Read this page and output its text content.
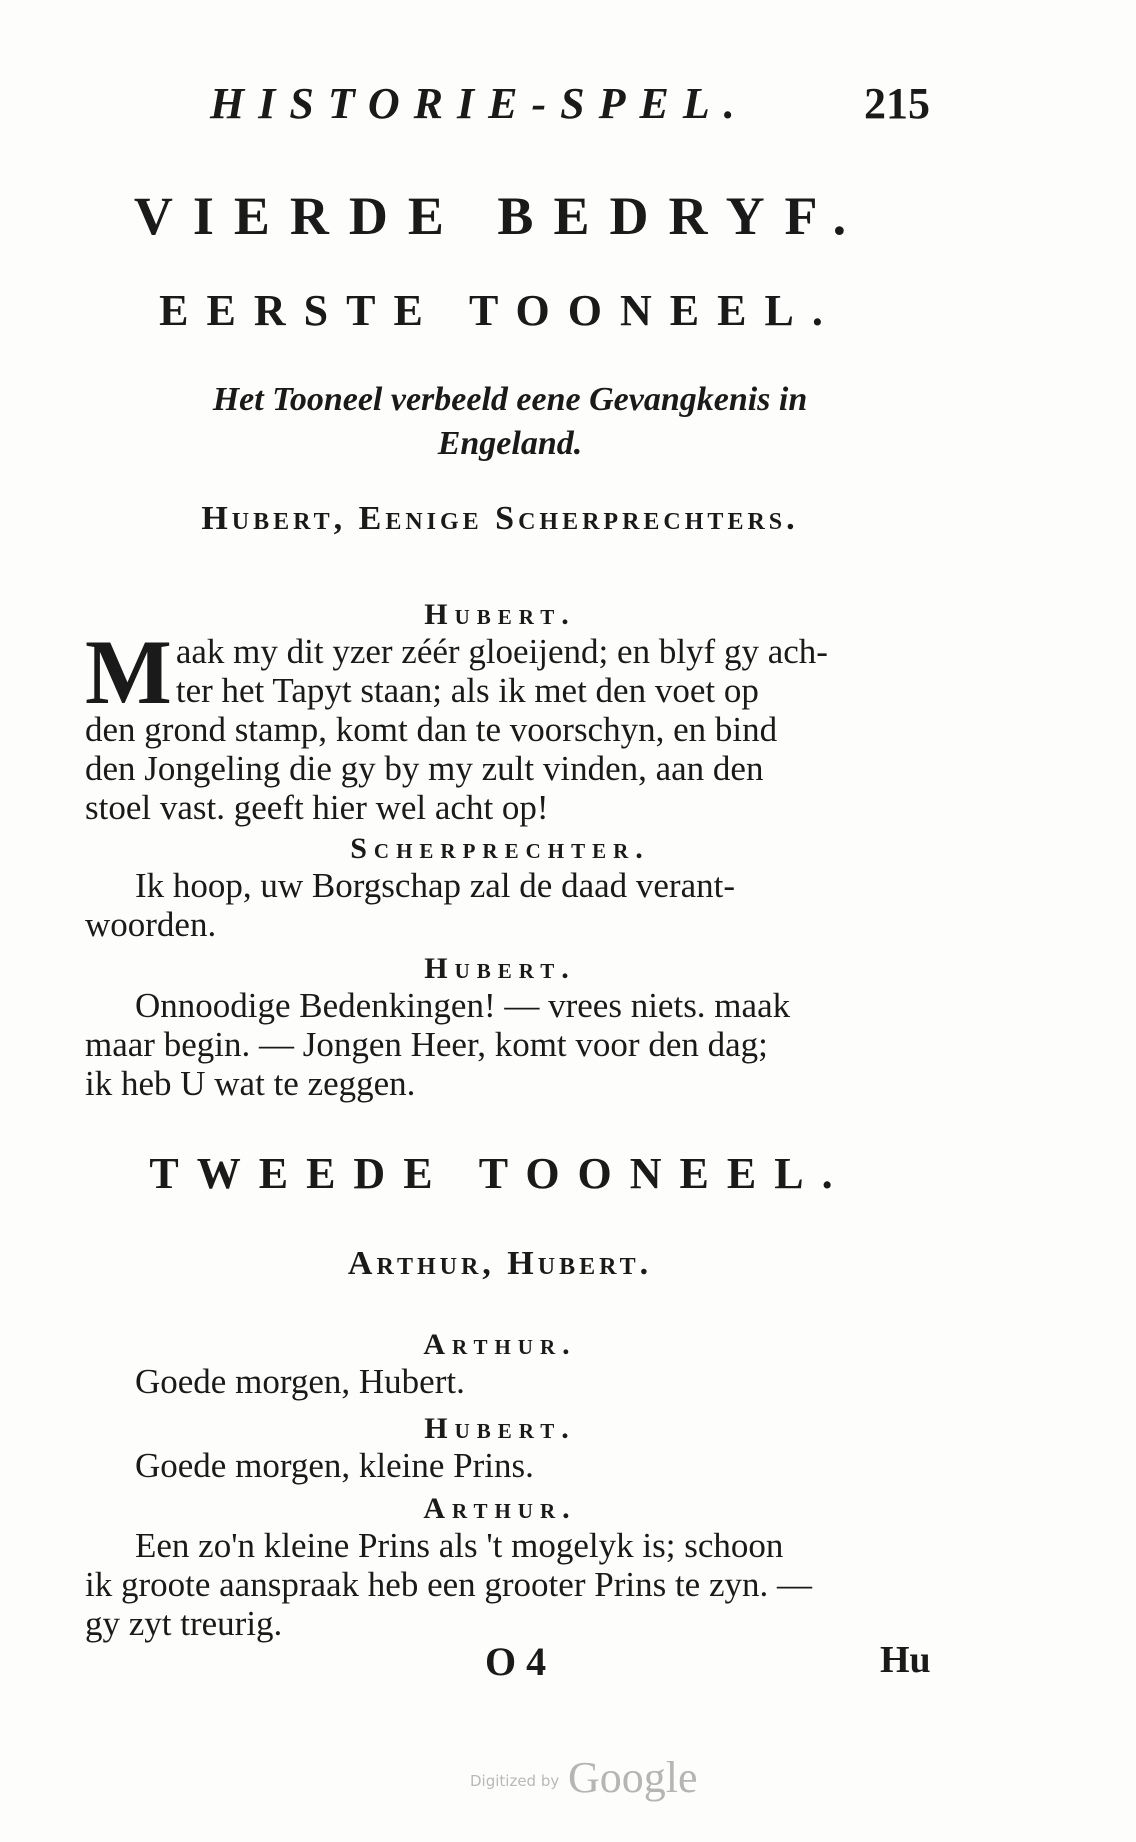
HISTORIE-SPEL.	215
VIERDE BEDRYF.
EERSTE TOONEEL.
Het Tooneel verbeeld eene Gevangkenis in Engeland.
Hubert, Eenige Scherprechters.
Hubert.
M aak my dit yzer zéér gloeijend; en blyf gy ach-
ter het Tapyt staan; als ik met den voet op
den grond stamp, komt dan te voorschyn, en bind
den Jongeling die gy by my zult vinden, aan den
stoel vast. geeft hier wel acht op!
Scherprechter.
Ik hoop, uw Borgschap zal de daad verant-
woorden.
Hubert.
Onnoodige Bedenkingen! — vrees niets. maak
maar begin. — Jongen Heer, komt voor den dag;
ik heb U wat te zeggen.
TWEEDE TOONEEL.
Arthur, Hubert.
Arthur.
Goede morgen, Hubert.
Hubert.
Goede morgen, kleine Prins.
Arthur.
Een zo'n kleine Prins als 't mogelyk is; schoon
ik groote aanspraak heb een grooter Prins te zyn. —
gy zyt treurig.
O 4	Hu
Digitized by Google
